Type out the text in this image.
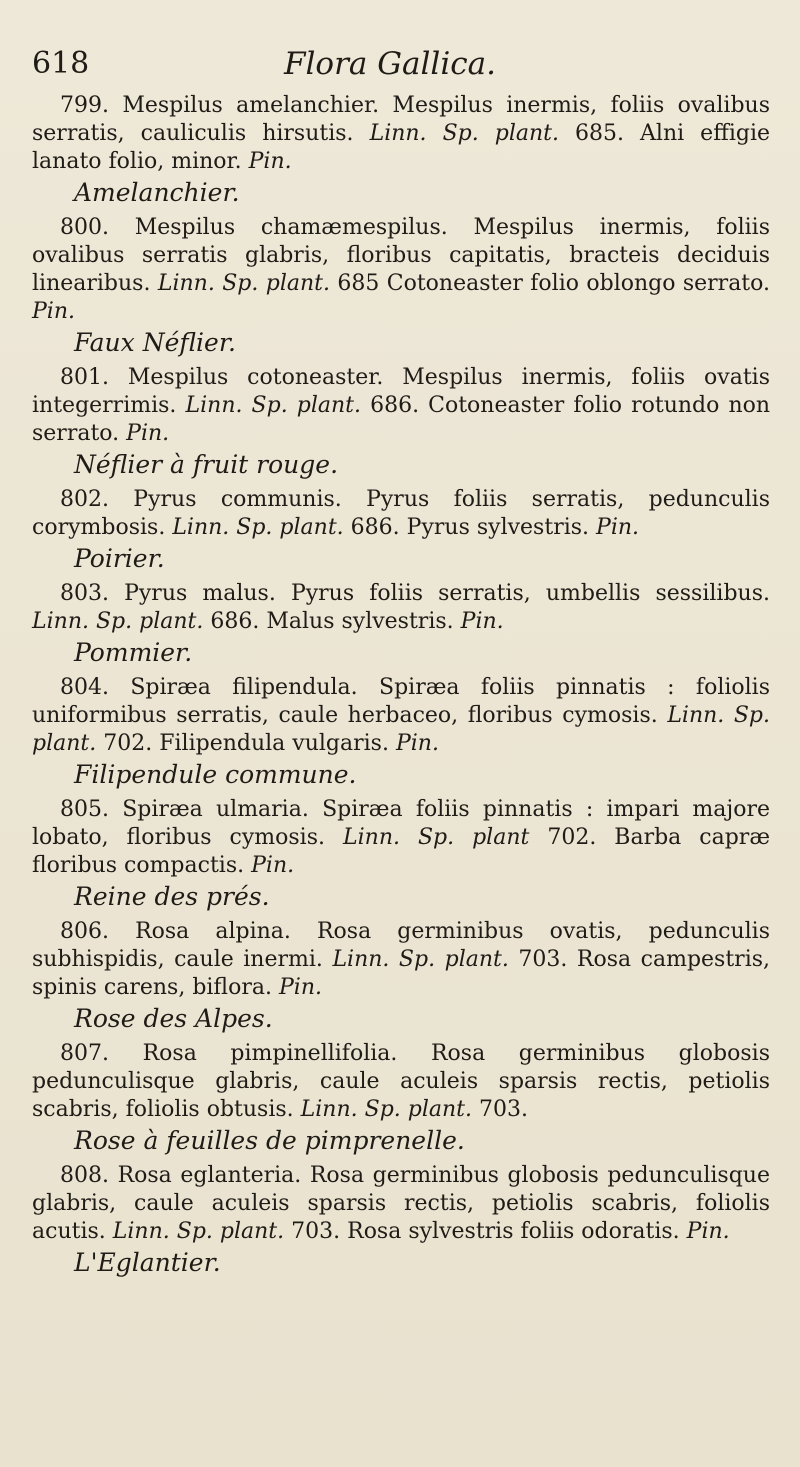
618	Flora Gallica.

799. Mespilus amelanchier. Mespilus inermis, foliis ovalibus serratis, cauliculis hirsutis. Linn. Sp. plant. 685. Alni effigie lanato folio, minor. Pin.

Amelanchier.

800. Mespilus chamæmespilus. Mespilus inermis, foliis ovalibus serratis glabris, floribus capitatis, bracteis deciduis linearibus. Linn. Sp. plant. 685 Cotoneaster folio oblongo serrato. Pin.

Faux Néflier.

801. Mespilus cotoneaster. Mespilus inermis, foliis ovatis integerrimis. Linn. Sp. plant. 686. Cotoneaster folio rotundo non serrato. Pin.

Néflier à fruit rouge.

802. Pyrus communis. Pyrus foliis serratis, pedunculis corymbosis. Linn. Sp. plant. 686. Pyrus sylvestris. Pin.

Poirier.

803. Pyrus malus. Pyrus foliis serratis, umbellis sessilibus. Linn. Sp. plant. 686. Malus sylvestris. Pin.

Pommier.

804. Spiræa filipendula. Spiræa foliis pinnatis : foliolis uniformibus serratis, caule herbaceo, floribus cymosis. Linn. Sp. plant. 702. Filipendula vulgaris. Pin.

Filipendule commune.

805. Spiræa ulmaria. Spiræa foliis pinnatis : impari majore lobato, floribus cymosis. Linn. Sp. plant 702. Barba capræ floribus compactis. Pin.

Reine des prés.

806. Rosa alpina. Rosa germinibus ovatis, pedunculis subhispidis, caule inermi. Linn. Sp. plant. 703. Rosa campestris, spinis carens, biflora. Pin.

Rose des Alpes.

807. Rosa pimpinellifolia. Rosa germinibus globosis pedunculisque glabris, caule aculeis sparsis rectis, petiolis scabris, foliolis obtusis. Linn. Sp. plant. 703.

Rose à feuilles de pimprenelle.

808. Rosa eglanteria. Rosa germinibus globosis pedunculisque glabris, caule aculeis sparsis rectis, petiolis scabris, foliolis acutis. Linn. Sp. plant. 703. Rosa sylvestris foliis odoratis. Pin.

L'Eglantier.
